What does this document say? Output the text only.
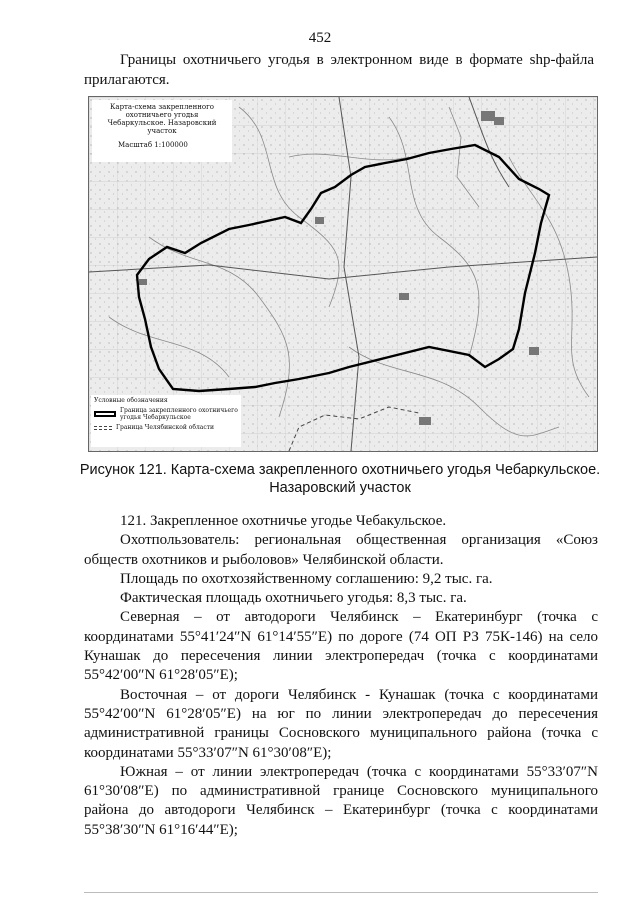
452
Границы охотничьего угодья в электронном виде в формате shp-файла прилагаются.
Карта-схема закрепленного
охотничьего угодья
Чебаркульское. Назаровский
участок
Масштаб 1:100000
Условные обозначения
Граница закрепленного охотничьего угодья Чебаркульское
Граница Челябинской области
Рисунок 121. Карта-схема закрепленного охотничьего угодья Чебаркульское.
Назаровский участок

121. Закрепленное охотничье угодье Чебакульское.

Охотпользователь: региональная общественная организация «Союз обществ охотников и рыболовов» Челябинской области.

Площадь по охотхозяйственному соглашению: 9,2 тыс. га.

Фактическая площадь охотничьего угодья: 8,3 тыс. га.

Северная – от автодороги Челябинск – Екатеринбург (точка с координатами 55°41′24″N 61°14′55″E) по дороге (74 ОП РЗ 75К-146) на село Кунашак до пересечения линии электропередач (точка с координатами 55°42′00″N 61°28′05″E);

Восточная – от дороги Челябинск - Кунашак (точка с координатами 55°42′00″N 61°28′05″E) на юг по линии электропередач до пересечения административной границы Сосновского муниципального района (точка с координатами 55°33′07″N 61°30′08″E);

Южная – от линии электропередач (точка с координатами 55°33′07″N 61°30′08″E) по административной границе Сосновского муниципального района до автодороги Челябинск – Екатеринбург (точка с координатами 55°38′30″N 61°16′44″E);
